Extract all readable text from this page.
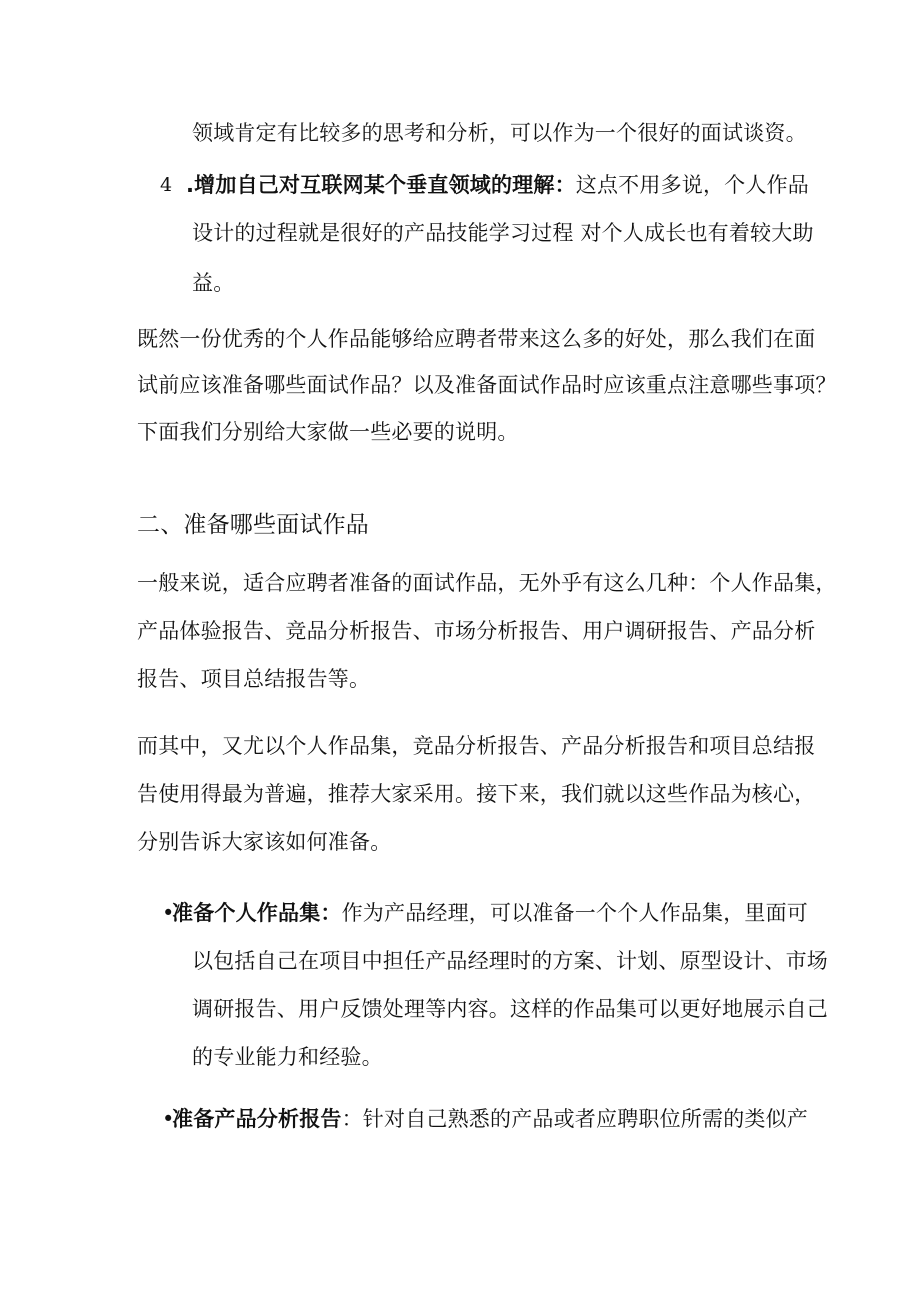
领域肯定有比较多的思考和分析，可以作为一个很好的面试谈资。
4 .增加自己对互联网某个垂直领域的理解：这点不用多说，个人作品
设计的过程就是很好的产品技能学习过程 对个人成长也有着较大助
益。
既然一份优秀的个人作品能够给应聘者带来这么多的好处，那么我们在面
试前应该准备哪些面试作品？以及准备面试作品时应该重点注意哪些事项？
下面我们分别给大家做一些必要的说明。
二、准备哪些面试作品
一般来说，适合应聘者准备的面试作品，无外乎有这么几种：个人作品集，
产品体验报告、竞品分析报告、市场分析报告、用户调研报告、产品分析
报告、项目总结报告等。
而其中，又尤以个人作品集，竞品分析报告、产品分析报告和项目总结报
告使用得最为普遍，推荐大家采用。接下来，我们就以这些作品为核心，
分别告诉大家该如何准备。
•
准备个人作品集：作为产品经理，可以准备一个个人作品集，里面可
以包括自己在项目中担任产品经理时的方案、计划、原型设计、市场
调研报告、用户反馈处理等内容。这样的作品集可以更好地展示自己
的专业能力和经验。
•
准备产品分析报告：针对自己熟悉的产品或者应聘职位所需的类似产
